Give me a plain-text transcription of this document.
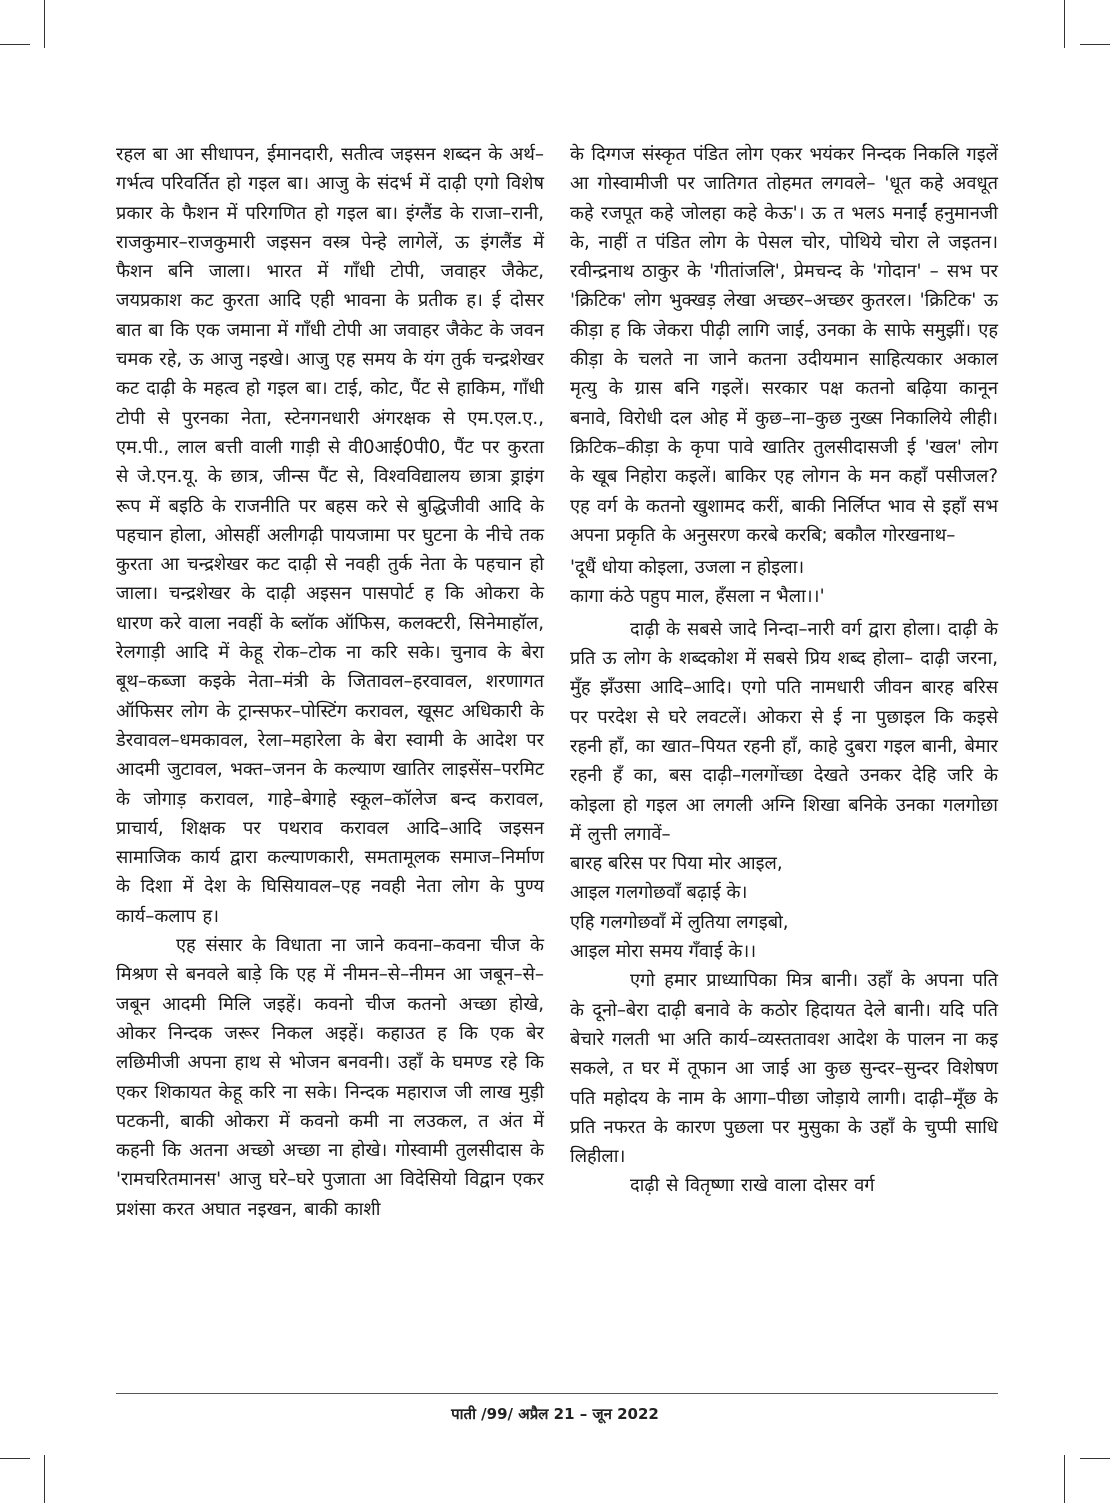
रहल बा आ सीधापन, ईमानदारी, सतीत्व जइसन शब्दन के अर्थ–गर्भत्व परिवर्तित हो गइल बा। आजु के संदर्भ में दाढ़ी एगो विशेष प्रकार के फैशन में परिगणित हो गइल बा। इंग्लैंड के राजा–रानी, राजकुमार–राजकुमारी जइसन वस्त्र पेन्हे लागेलें, ऊ इंगलैंड में फैशन बनि जाला। भारत में गाँधी टोपी, जवाहर जैकेट, जयप्रकाश कट कुरता आदि एही भावना के प्रतीक ह। ई दोसर बात बा कि एक जमाना में गाँधी टोपी आ जवाहर जैकेट के जवन चमक रहे, ऊ आजु नइखे। आजु एह समय के यंग तुर्क चन्द्रशेखर कट दाढ़ी के महत्व हो गइल बा। टाई, कोट, पैंट से हाकिम, गाँधी टोपी से पुरनका नेता, स्टेनगनधारी अंगरक्षक से एम.एल.ए., एम.पी., लाल बत्ती वाली गाड़ी से वी0आई0पी0, पैंट पर कुरता से जे.एन.यू. के छात्र, जीन्स पैंट से, विश्वविद्यालय छात्रा ड्राइंग रूप में बइठि के राजनीति पर बहस करे से बुद्धिजीवी आदि के पहचान होला, ओसहीं अलीगढ़ी पायजामा पर घुटना के नीचे तक कुरता आ चन्द्रशेखर कट दाढ़ी से नवही तुर्क नेता के पहचान हो जाला। चन्द्रशेखर के दाढ़ी अइसन पासपोर्ट ह कि ओकरा के धारण करे वाला नवहीं के ब्लॉक ऑफिस, कलक्टरी, सिनेमाहॉल, रेलगाड़ी आदि में केहू रोक–टोक ना करि सके। चुनाव के बेरा बूथ–कब्जा कइके नेता–मंत्री के जितावल–हरवावल, शरणागत ऑफिसर लोग के ट्रान्सफर–पोस्टिंग करावल, खूसट अधिकारी के डेरवावल–धमकावल, रेला–महारेला के बेरा स्वामी के आदेश पर आदमी जुटावल, भक्त–जनन के कल्याण खातिर लाइसेंस–परमिट के जोगाड़ करावल, गाहे–बेगाहे स्कूल–कॉलेज बन्द करावल, प्राचार्य, शिक्षक पर पथराव करावल आदि–आदि जइसन सामाजिक कार्य द्वारा कल्याणकारी, समतामूलक समाज–निर्माण के दिशा में देश के घिसियावल–एह नवही नेता लोग के पुण्य कार्य–कलाप ह।

एह संसार के विधाता ना जाने कवना–कवना चीज के मिश्रण से बनवले बाड़े कि एह में नीमन–से–नीमन आ जबून–से–जबून आदमी मिलि जइहें। कवनो चीज कतनो अच्छा होखे, ओकर निन्दक जरूर निकल अइहें। कहाउत ह कि एक बेर लछिमीजी अपना हाथ से भोजन बनवनी। उहाँ के घमण्ड रहे कि एकर शिकायत केहू करि ना सके। निन्दक महाराज जी लाख मुड़ी पटकनी, बाकी ओकरा में कवनो कमी ना लउकल, त अंत में कहनी कि अतना अच्छो अच्छा ना होखे। गोस्वामी तुलसीदास के 'रामचरितमानस' आजु घरे–घरे पुजाता आ विदेसियो विद्वान एकर प्रशंसा करत अघात नइखन, बाकी काशी

के दिग्गज संस्कृत पंडित लोग एकर भयंकर निन्दक निकलि गइलें आ गोस्वामीजी पर जातिगत तोहमत लगवले– 'धूत कहे अवधूत कहे रजपूत कहे जोलहा कहे केऊ'। ऊ त भलऽ मनाईं हनुमानजी के, नाहीं त पंडित लोग के पेसल चोर, पोथिये चोरा ले जइतन। रवीन्द्रनाथ ठाकुर के 'गीतांजलि', प्रेमचन्द के 'गोदान' – सभ पर 'क्रिटिक' लोग भुक्खड़ लेखा अच्छर–अच्छर कुतरल। 'क्रिटिक' ऊ कीड़ा ह कि जेकरा पीढ़ी लागि जाई, उनका के साफे समुझीं। एह कीड़ा के चलते ना जाने कतना उदीयमान साहित्यकार अकाल मृत्यु के ग्रास बनि गइलें। सरकार पक्ष कतनो बढ़िया कानून बनावे, विरोधी दल ओह में कुछ–ना–कुछ नुख्स निकालिये लीही। क्रिटिक–कीड़ा के कृपा पावे खातिर तुलसीदासजी ई 'खल' लोग के खूब निहोरा कइलें। बाकिर एह लोगन के मन कहाँ पसीजल? एह वर्ग के कतनो खुशामद करीं, बाकी निर्लिप्त भाव से इहाँ सभ अपना प्रकृति के अनुसरण करबे करबि; बकौल गोरखनाथ–

'दूधैं धोया कोइला, उजला न होइला।

कागा कंठे पहुप माल, हँसला न भैला।।'

दाढ़ी के सबसे जादे निन्दा–नारी वर्ग द्वारा होला। दाढ़ी के प्रति ऊ लोग के शब्दकोश में सबसे प्रिय शब्द होला– दाढ़ी जरना, मुँह झँउसा आदि–आदि। एगो पति नामधारी जीवन बारह बरिस पर परदेश से घरे लवटलें। ओकरा से ई ना पुछाइल कि कइसे रहनी हाँ, का खात–पियत रहनी हाँ, काहे दुबरा गइल बानी, बेमार रहनी हँ का, बस दाढ़ी–गलगोंच्छा देखते उनकर देहि जरि के कोइला हो गइल आ लगली अग्नि शिखा बनिके उनका गलगोछा में लुत्ती लगावें–

बारह बरिस पर पिया मोर आइल,

आइल गलगोछवाँ बढ़ाई के।

एहि गलगोछवाँ में लुतिया लगइबो,

आइल मोरा समय गँवाई के।।

एगो हमार प्राध्यापिका मित्र बानी। उहाँ के अपना पति के दूनो–बेरा दाढ़ी बनावे के कठोर हिदायत देले बानी। यदि पति बेचारे गलती भा अति कार्य–व्यस्ततावश आदेश के पालन ना कइ सकले, त घर में तूफान आ जाई आ कुछ सुन्दर–सुन्दर विशेषण पति महोदय के नाम के आगा–पीछा जोड़ाये लागी। दाढ़ी–मूँछ के प्रति नफरत के कारण पुछला पर मुसुका के उहाँ के चुप्पी साधि लिहीला।

दाढ़ी से वितृष्णा राखे वाला दोसर वर्ग

पाती /99/ अप्रैल 21 – जून 2022
